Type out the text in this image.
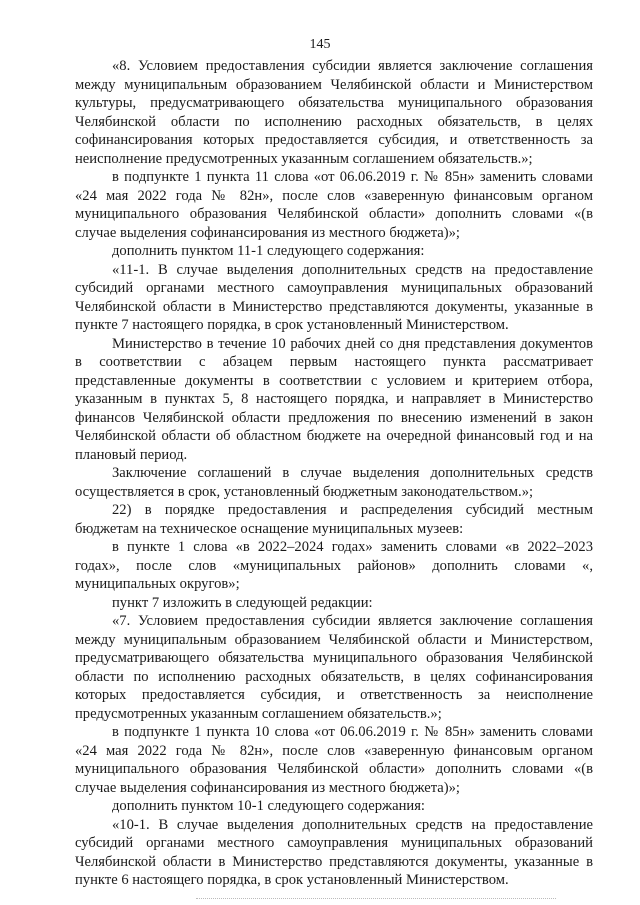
145

«8. Условием предоставления субсидии является заключение соглашения между муниципальным образованием Челябинской области и Министерством культуры, предусматривающего обязательства муниципального образования Челябинской области по исполнению расходных обязательств, в целях софинансирования которых предоставляется субсидия, и ответственность за неисполнение предусмотренных указанным соглашением обязательств.»;

в подпункте 1 пункта 11 слова «от 06.06.2019 г. № 85н» заменить словами «24 мая 2022 года № 82н», после слов «заверенную финансовым органом муниципального образования Челябинской области» дополнить словами «(в случае выделения софинансирования из местного бюджета)»;

дополнить пунктом 11-1 следующего содержания:

«11-1. В случае выделения дополнительных средств на предоставление субсидий органами местного самоуправления муниципальных образований Челябинской области в Министерство представляются документы, указанные в пункте 7 настоящего порядка, в срок установленный Министерством.

Министерство в течение 10 рабочих дней со дня представления документов в соответствии с абзацем первым настоящего пункта рассматривает представленные документы в соответствии с условием и критерием отбора, указанным в пунктах 5, 8 настоящего порядка, и направляет в Министерство финансов Челябинской области предложения по внесению изменений в закон Челябинской области об областном бюджете на очередной финансовый год и на плановый период.

Заключение соглашений в случае выделения дополнительных средств осуществляется в срок, установленный бюджетным законодательством.»;

22) в порядке предоставления и распределения субсидий местным бюджетам на техническое оснащение муниципальных музеев:

в пункте 1 слова «в 2022–2024 годах» заменить словами «в 2022–2023 годах», после слов «муниципальных районов» дополнить словами «, муниципальных округов»;

пункт 7 изложить в следующей редакции:

«7. Условием предоставления субсидии является заключение соглашения между муниципальным образованием Челябинской области и Министерством, предусматривающего обязательства муниципального образования Челябинской области по исполнению расходных обязательств, в целях софинансирования которых предоставляется субсидия, и ответственность за неисполнение предусмотренных указанным соглашением обязательств.»;

в подпункте 1 пункта 10 слова «от 06.06.2019 г. № 85н» заменить словами «24 мая 2022 года № 82н», после слов «заверенную финансовым органом муниципального образования Челябинской области» дополнить словами «(в случае выделения софинансирования из местного бюджета)»;

дополнить пунктом 10-1 следующего содержания:

«10-1. В случае выделения дополнительных средств на предоставление субсидий органами местного самоуправления муниципальных образований Челябинской области в Министерство представляются документы, указанные в пункте 6 настоящего порядка, в срок установленный Министерством.
